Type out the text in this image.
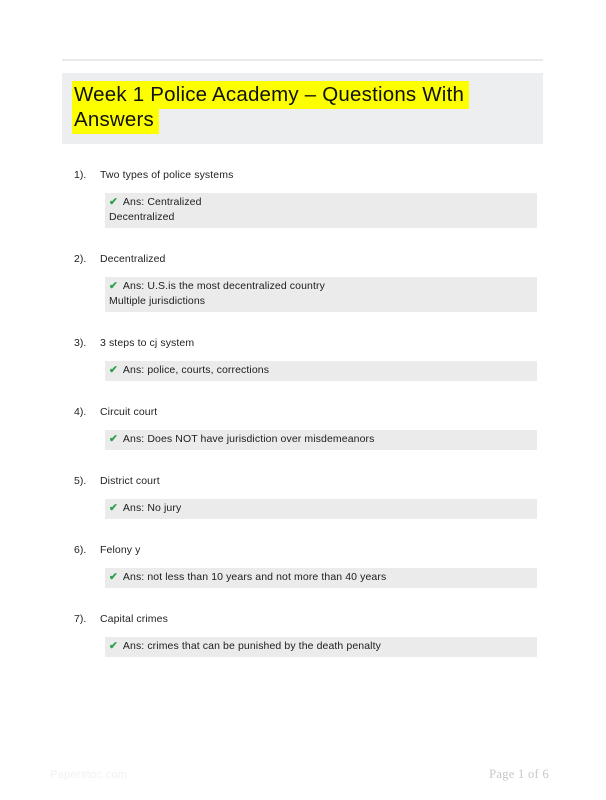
Week 1 Police Academy – Questions With Answers
1).	Two types of police systems
✔ Ans: Centralized
Decentralized
2).	Decentralized
✔ Ans: U.S.is the most decentralized country
Multiple jurisdictions
3).	3 steps to cj system
✔ Ans: police, courts, corrections
4).	Circuit court
✔ Ans: Does NOT have jurisdiction over misdemeanors
5).	District court
✔ Ans: No jury
6).	Felony y
✔ Ans: not less than 10 years and not more than 40 years
7).	Capital crimes
✔ Ans: crimes that can be punished by the death penalty
Paperstoc.com	Page 1 of 6
